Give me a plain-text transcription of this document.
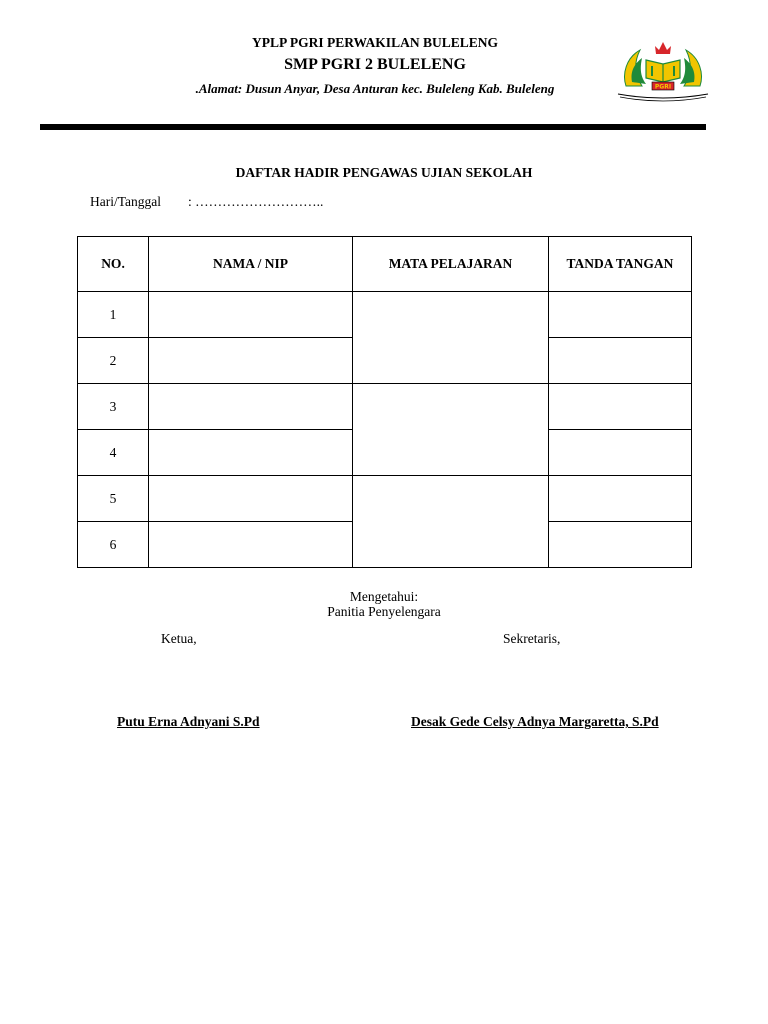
YPLP PGRI PERWAKILAN BULELENG
SMP PGRI 2 BULELENG
.Alamat: Dusun Anyar, Desa Anturan kec. Buleleng Kab. Buleleng	PGRI
DAFTAR HADIR PENGAWAS UJIAN SEKOLAH
Hari/Tanggal : ………………………..
NO.	NAMA / NIP	MATA PELAJARAN	TANDA TANGAN
1			
2			
3			
4			
5			
6			
Mengetahui:
Panitia Penyelengara
Ketua,	Sekretaris,
Putu Erna Adnyani S.Pd	Desak Gede Celsy Adnya Margaretta, S.Pd
